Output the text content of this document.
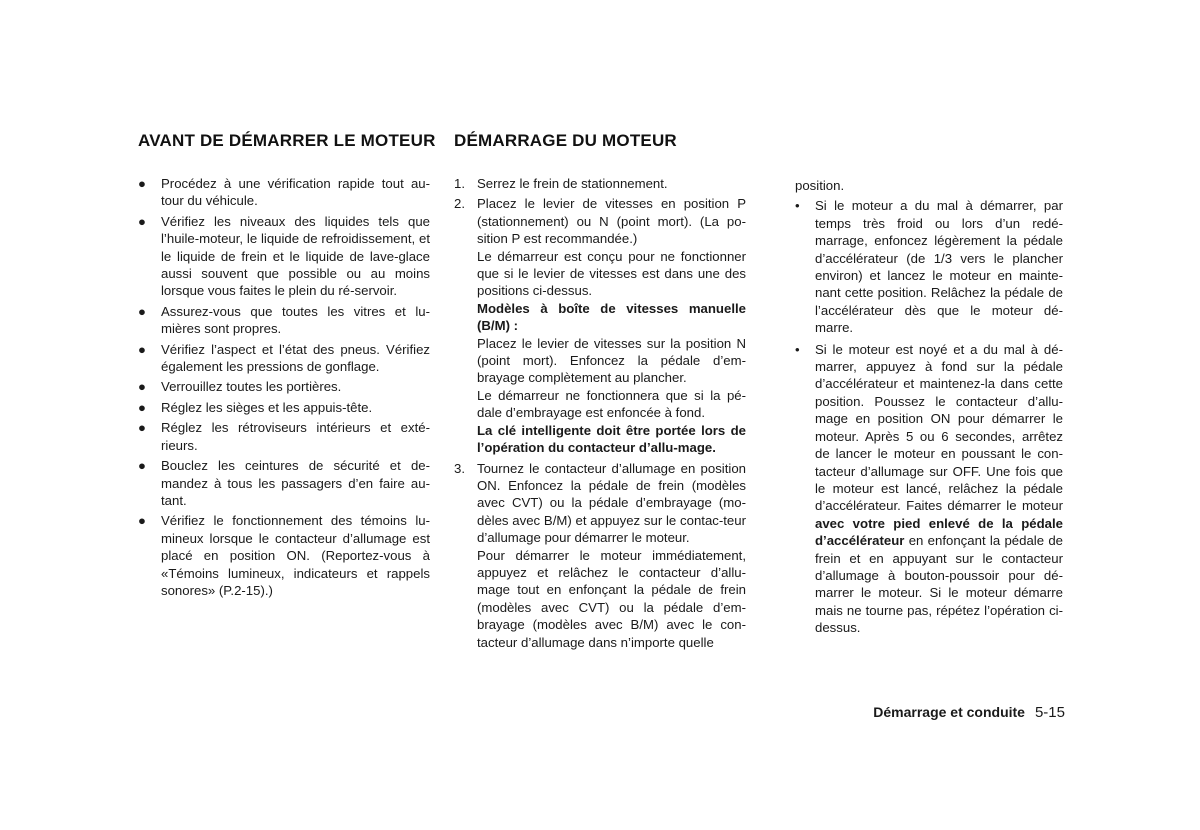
AVANT DE DÉMARRER LE MOTEUR DÉMARRAGE DU MOTEUR
● Procédez à une vérification rapide tout au-tour du véhicule.
● Vérifiez les niveaux des liquides tels que l’huile-moteur, le liquide de refroidissement, et le liquide de frein et le liquide de lave-glace aussi souvent que possible ou au moins lorsque vous faites le plein du ré-servoir.
● Assurez-vous que toutes les vitres et lu-mières sont propres.
● Vérifiez l’aspect et l’état des pneus. Vérifiez également les pressions de gonflage.
● Verrouillez toutes les portières.
● Réglez les sièges et les appuis-tête.
● Réglez les rétroviseurs intérieurs et exté-rieurs.
● Bouclez les ceintures de sécurité et de-mandez à tous les passagers d’en faire au-tant.
● Vérifiez le fonctionnement des témoins lu-mineux lorsque le contacteur d’allumage est placé en position ON. (Reportez-vous à «Témoins lumineux, indicateurs et rappels sonores» (P.2-15).)
1. Serrez le frein de stationnement.

2. Placez le levier de vitesses en position P (stationnement) ou N (point mort). (La po-sition P est recommandée.)

Le démarreur est conçu pour ne fonctionner que si le levier de vitesses est dans une des positions ci-dessus.

Modèles à boîte de vitesses manuelle (B/M) :

Placez le levier de vitesses sur la position N (point mort). Enfoncez la pédale d’em-brayage complètement au plancher.

Le démarreur ne fonctionnera que si la pé-dale d’embrayage est enfoncée à fond.

La clé intelligente doit être portée lors de l’opération du contacteur d’allu-mage.

3. Tournez le contacteur d’allumage en position ON. Enfoncez la pédale de frein (modèles avec CVT) ou la pédale d’embrayage (mo-dèles avec B/M) et appuyez sur le contac-teur d’allumage pour démarrer le moteur.

Pour démarrer le moteur immédiatement, appuyez et relâchez le contacteur d’allu-mage tout en enfonçant la pédale de frein (modèles avec CVT) ou la pédale d’em-brayage (modèles avec B/M) avec le con-tacteur d’allumage dans n’importe quelle

position.

• Si le moteur a du mal à démarrer, par temps très froid ou lors d’un redé-marrage, enfoncez légèrement la pédale d’accélérateur (de 1/3 vers le plancher environ) et lancez le moteur en mainte-nant cette position. Relâchez la pédale de l’accélérateur dès que le moteur dé-marre.
• Si le moteur est noyé et a du mal à dé-marrer, appuyez à fond sur la pédale d’accélérateur et maintenez-la dans cette position. Poussez le contacteur d’allu-mage en position ON pour démarrer le moteur. Après 5 ou 6 secondes, arrêtez de lancer le moteur en poussant le con-tacteur d’allumage sur OFF. Une fois que le moteur est lancé, relâchez la pédale d’accélérateur. Faites démarrer le moteur avec votre pied enlevé de la pédale d’accélérateur en enfonçant la pédale de frein et en appuyant sur le contacteur d’allumage à bouton-poussoir pour dé-marrer le moteur. Si le moteur démarre mais ne tourne pas, répétez l’opération ci-dessus.
Démarrage et conduite 5-15
